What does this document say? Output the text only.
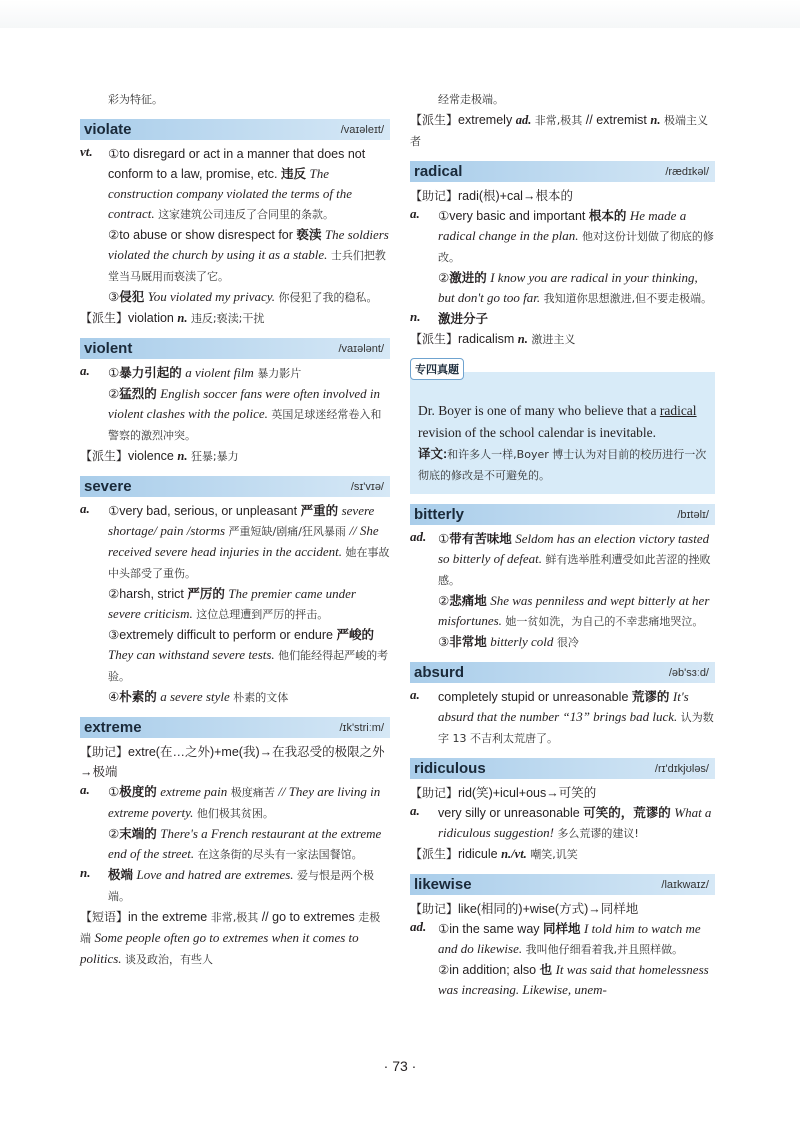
彩为特征。

violate	/vaɪəleɪt/
vt.	①to disregard or act in a manner that does not conform to a law, promise, etc. 违反 The construction company violated the terms of the contract. 这家建筑公司违反了合同里的条款。

②to abuse or show disrespect for 亵渎 The soldiers violated the church by using it as a stable. 士兵们把教堂当马厩用而亵渎了它。

③侵犯 You violated my privacy. 你侵犯了我的稳私。

【派生】violation n. 违反;亵渎;干扰

violent	/vaɪələnt/
a.	①暴力引起的 a violent film 暴力影片

②猛烈的 English soccer fans were often involved in violent clashes with the police. 英国足球迷经常卷入和警察的激烈冲突。

【派生】violence n. 狂暴;暴力

severe	/sɪ'vɪə/
a.	①very bad, serious, or unpleasant 严重的 severe shortage/ pain /storms 严重短缺/剧痛/狂风暴雨 // She received severe head injuries in the accident. 她在事故中头部受了重伤。

②harsh, strict 严厉的 The premier came under severe criticism. 这位总理遭到严厉的抨击。

③extremely difficult to perform or endure 严峻的 They can withstand severe tests. 他们能经得起严峻的考验。

④朴素的 a severe style 朴素的文体

extreme	/ɪk'striːm/

【助记】extre(在…之外)+me(我)→在我忍受的极限之外→极端

a.	①极度的 extreme pain 极度痛苦 // They are living in extreme poverty. 他们极其贫困。

②末端的 There's a French restaurant at the extreme end of the street. 在这条街的尽头有一家法国餐馆。

n.	极端 Love and hatred are extremes. 爱与恨是两个极端。

【短语】in the extreme 非常,极其 // go to extremes 走极端 Some people often go to extremes when it comes to politics. 谈及政治，有些人

经常走极端。

【派生】extremely ad. 非常,极其 // extremist n. 极端主义者

radical	/rædɪkəl/

【助记】radi(根)+cal→根本的

a.	①very basic and important 根本的 He made a radical change in the plan. 他对这份计划做了彻底的修改。

②激进的 I know you are radical in your thinking, but don't go too far. 我知道你思想激进,但不要走极端。

n.	激进分子

【派生】radicalism n. 激进主义

专四真题
Dr. Boyer is one of many who believe that a radical revision of the school calendar is inevitable.
译文:和许多人一样,Boyer 博士认为对目前的校历进行一次彻底的修改是不可避免的。
bitterly	/bɪtəlɪ/
ad. ①带有苦味地 Seldom has an election victory tasted so bitterly of defeat. 鲜有选举胜利遭受如此苦涩的挫败感。

②悲痛地 She was penniless and wept bitterly at her misfortunes. 她一贫如洗，为自己的不幸悲痛地哭泣。

③非常地 bitterly cold 很冷

absurd	/əb'sɜːd/
a.	completely stupid or unreasonable 荒谬的 It's absurd that the number “13” brings bad luck. 认为数字 13 不吉利太荒唐了。

ridiculous	/rɪ'dɪkjʊləs/

【助记】rid(笑)+icul+ous→可笑的

a.	very silly or unreasonable 可笑的，荒谬的 What a ridiculous suggestion! 多么荒谬的建议!

【派生】ridicule n./vt. 嘲笑,讥笑

likewise	/laɪkwaɪz/

【助记】like(相同的)+wise(方式)→同样地

ad. ①in the same way 同样地 I told him to watch me and do likewise. 我叫他仔细看着我,并且照样做。

②in addition; also 也 It was said that homelessness was increasing. Likewise, unem-

· 73 ·
